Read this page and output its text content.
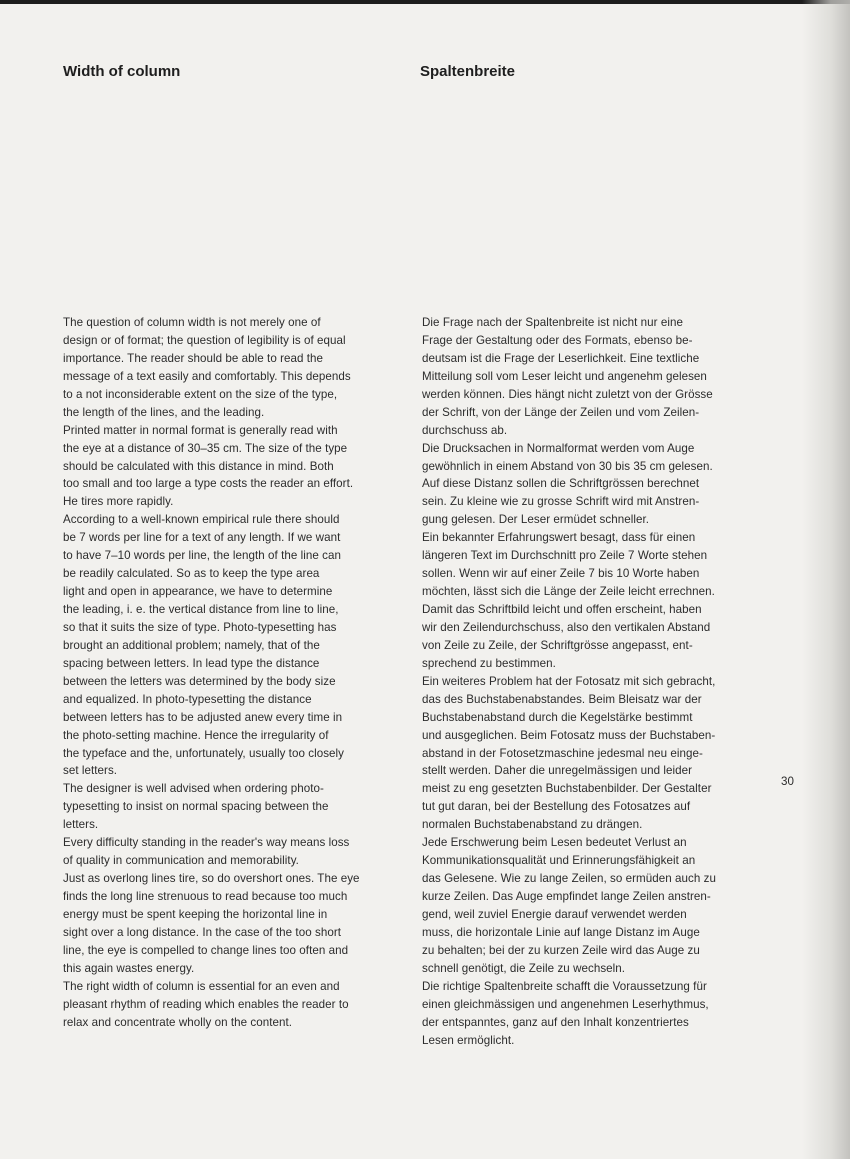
Width of column	Spaltenbreite
The question of column width is not merely one of
design or of format; the question of legibility is of equal
importance. The reader should be able to read the
message of a text easily and comfortably. This depends
to a not inconsiderable extent on the size of the type,
the length of the lines, and the leading.
Printed matter in normal format is generally read with
the eye at a distance of 30–35 cm. The size of the type
should be calculated with this distance in mind. Both
too small and too large a type costs the reader an effort.
He tires more rapidly.
According to a well-known empirical rule there should
be 7 words per line for a text of any length. If we want
to have 7–10 words per line, the length of the line can
be readily calculated. So as to keep the type area
light and open in appearance, we have to determine
the leading, i. e. the vertical distance from line to line,
so that it suits the size of type. Photo-typesetting has
brought an additional problem; namely, that of the
spacing between letters. In lead type the distance
between the letters was determined by the body size
and equalized. In photo-typesetting the distance
between letters has to be adjusted anew every time in
the photo-setting machine. Hence the irregularity of
the typeface and the, unfortunately, usually too closely
set letters.
The designer is well advised when ordering photo-
typesetting to insist on normal spacing between the
letters.
Every difficulty standing in the reader's way means loss
of quality in communication and memorability.
Just as overlong lines tire, so do overshort ones. The eye
finds the long line strenuous to read because too much
energy must be spent keeping the horizontal line in
sight over a long distance. In the case of the too short
line, the eye is compelled to change lines too often and
this again wastes energy.
The right width of column is essential for an even and
pleasant rhythm of reading which enables the reader to
relax and concentrate wholly on the content.
Die Frage nach der Spaltenbreite ist nicht nur eine
Frage der Gestaltung oder des Formats, ebenso be-
deutsam ist die Frage der Leserlichkeit. Eine textliche
Mitteilung soll vom Leser leicht und angenehm gelesen
werden können. Dies hängt nicht zuletzt von der Grösse
der Schrift, von der Länge der Zeilen und vom Zeilen-
durchschuss ab.
Die Drucksachen in Normalformat werden vom Auge
gewöhnlich in einem Abstand von 30 bis 35 cm gelesen.
Auf diese Distanz sollen die Schriftgrössen berechnet
sein. Zu kleine wie zu grosse Schrift wird mit Anstren-
gung gelesen. Der Leser ermüdet schneller.
Ein bekannter Erfahrungswert besagt, dass für einen
längeren Text im Durchschnitt pro Zeile 7 Worte stehen
sollen. Wenn wir auf einer Zeile 7 bis 10 Worte haben
möchten, lässt sich die Länge der Zeile leicht errechnen.
Damit das Schriftbild leicht und offen erscheint, haben
wir den Zeilendurchschuss, also den vertikalen Abstand
von Zeile zu Zeile, der Schriftgrösse angepasst, ent-
sprechend zu bestimmen.
Ein weiteres Problem hat der Fotosatz mit sich gebracht,
das des Buchstabenabstandes. Beim Bleisatz war der
Buchstabenabstand durch die Kegelstärke bestimmt
und ausgeglichen. Beim Fotosatz muss der Buchstaben-
abstand in der Fotosetzmaschine jedesmal neu einge-
stellt werden. Daher die unregelmässigen und leider
meist zu eng gesetzten Buchstabenbilder. Der Gestalter
tut gut daran, bei der Bestellung des Fotosatzes auf
normalen Buchstabenabstand zu drängen.
Jede Erschwerung beim Lesen bedeutet Verlust an
Kommunikationsqualität und Erinnerungsfähigkeit an
das Gelesene. Wie zu lange Zeilen, so ermüden auch zu
kurze Zeilen. Das Auge empfindet lange Zeilen anstren-
gend, weil zuviel Energie darauf verwendet werden
muss, die horizontale Linie auf lange Distanz im Auge
zu behalten; bei der zu kurzen Zeile wird das Auge zu
schnell genötigt, die Zeile zu wechseln.
Die richtige Spaltenbreite schafft die Voraussetzung für
einen gleichmässigen und angenehmen Leserhythmus,
der entspanntes, ganz auf den Inhalt konzentriertes
Lesen ermöglicht.
30
